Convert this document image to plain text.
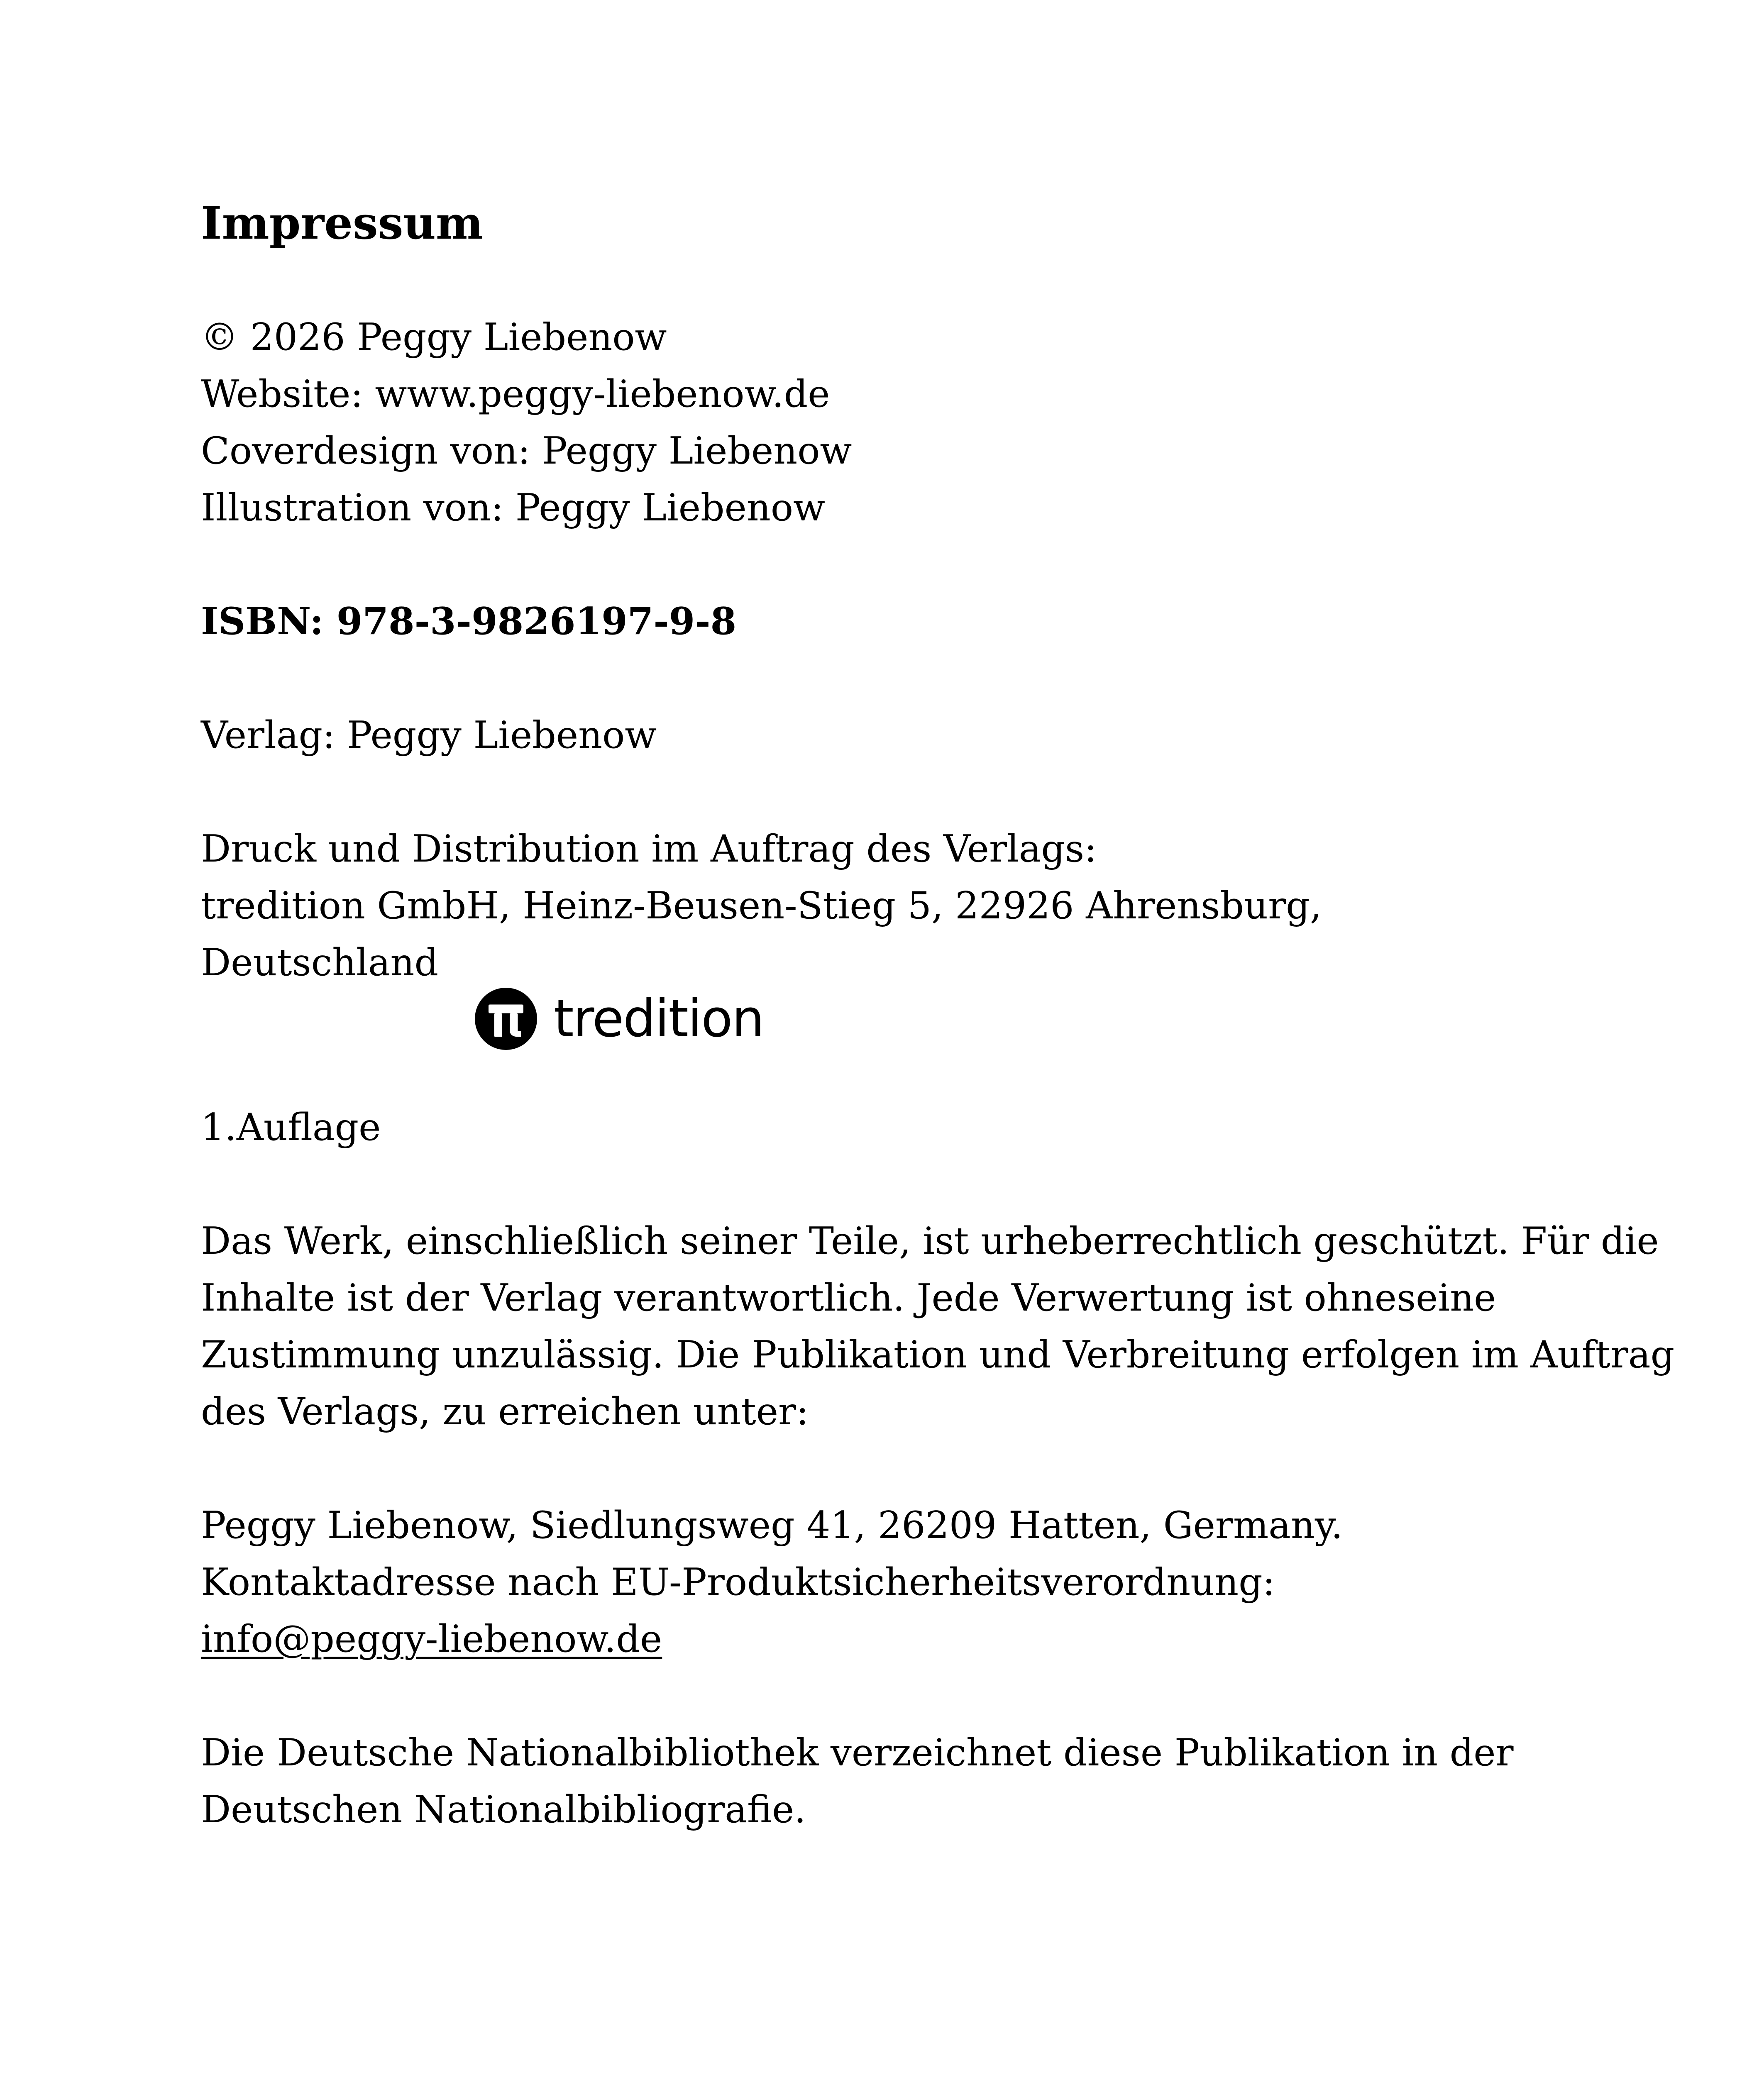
Impressum
© 2026 Peggy Liebenow
Website: www.peggy-liebenow.de
Coverdesign von: Peggy Liebenow
Illustration von: Peggy Liebenow
ISBN: 978-3-9826197-9-8
Verlag: Peggy Liebenow
Druck und Distribution im Auftrag des Verlags:
tredition GmbH, Heinz-Beusen-Stieg 5, 22926 Ahrensburg,
Deutschland
tredition
1.Auflage
Das Werk, einschließlich seiner Teile, ist urheberrechtlich geschützt. Für die
Inhalte ist der Verlag verantwortlich. Jede Verwertung ist ohneseine
Zustimmung unzulässig. Die Publikation und Verbreitung erfolgen im Auftrag
des Verlags, zu erreichen unter:
Peggy Liebenow, Siedlungsweg 41, 26209 Hatten, Germany.
Kontaktadresse nach EU-Produktsicherheitsverordnung:
info@peggy-liebenow.de
Die Deutsche Nationalbibliothek verzeichnet diese Publikation in der
Deutschen Nationalbibliografie.
